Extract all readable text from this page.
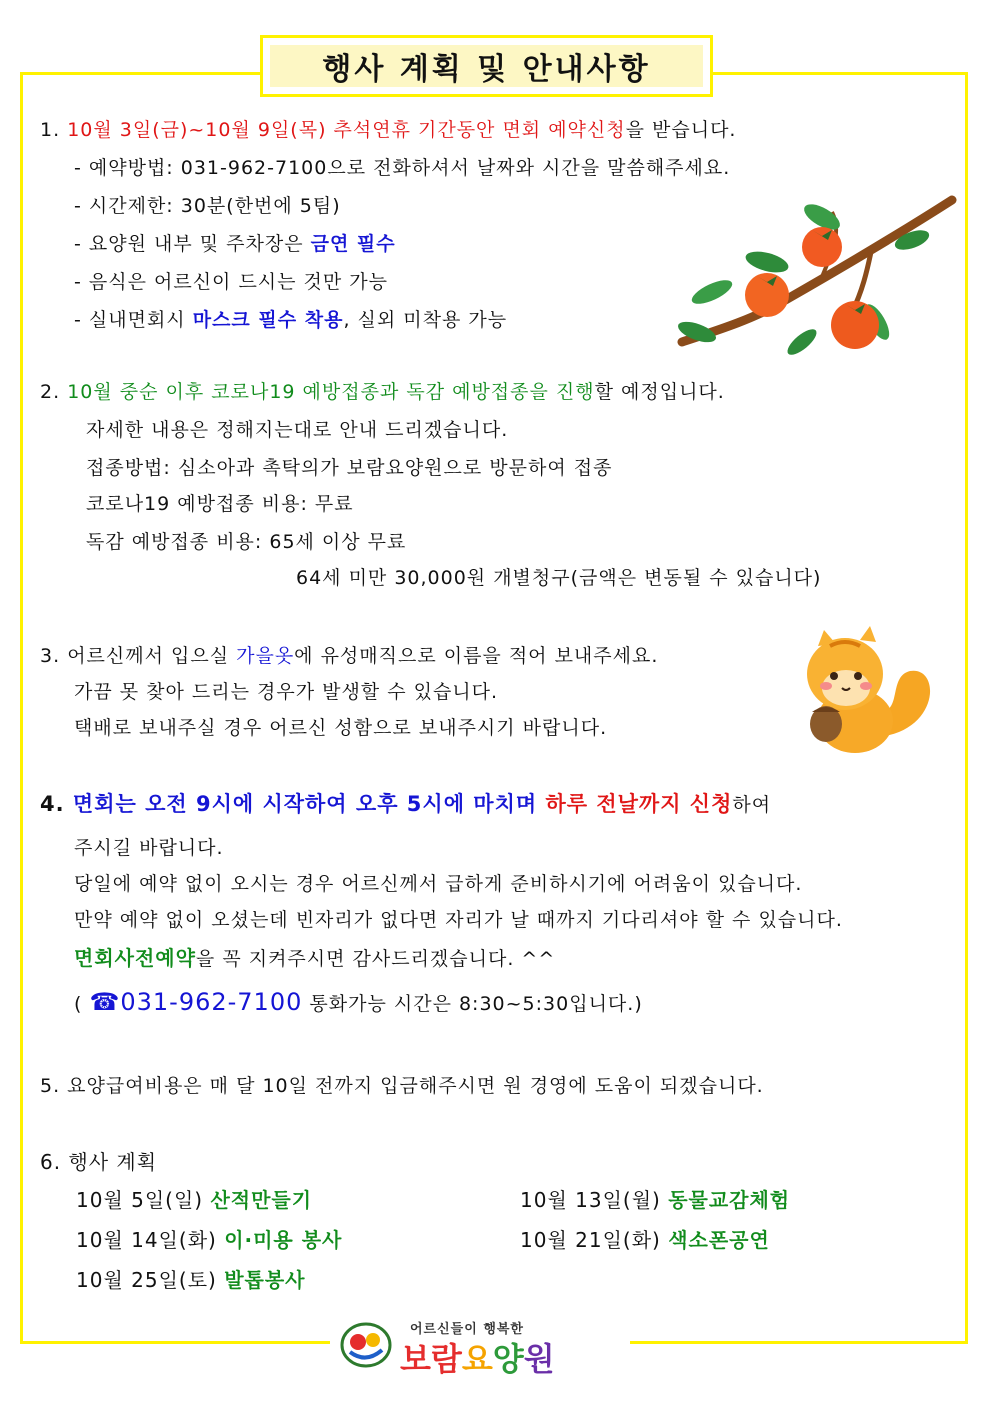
행사 계획 및 안내사항
1. 10월 3일(금)~10월 9일(목) 추석연휴 기간동안 면회 예약신청을 받습니다.
- 예약방법: 031-962-7100으로 전화하셔서 날짜와 시간을 말씀해주세요.
- 시간제한: 30분(한번에 5팀)
- 요양원 내부 및 주차장은 금연 필수
- 음식은 어르신이 드시는 것만 가능
- 실내면회시 마스크 필수 착용, 실외 미착용 가능
2. 10월 중순 이후 코로나19 예방접종과 독감 예방접종을 진행할 예정입니다.
자세한 내용은 정해지는대로 안내 드리겠습니다.
접종방법: 심소아과 촉탁의가 보람요양원으로 방문하여 접종
코로나19 예방접종 비용: 무료
독감 예방접종 비용: 65세 이상 무료
64세 미만 30,000원 개별청구(금액은 변동될 수 있습니다)
3. 어르신께서 입으실 가을옷에 유성매직으로 이름을 적어 보내주세요.
가끔 못 찾아 드리는 경우가 발생할 수 있습니다.
택배로 보내주실 경우 어르신 성함으로 보내주시기 바랍니다.
4. 면회는 오전 9시에 시작하여 오후 5시에 마치며 하루 전날까지 신청하여
주시길 바랍니다.
당일에 예약 없이 오시는 경우 어르신께서 급하게 준비하시기에 어려움이 있습니다.
만약 예약 없이 오셨는데 빈자리가 없다면 자리가 날 때까지 기다리셔야 할 수 있습니다.
면회사전예약을 꼭 지켜주시면 감사드리겠습니다. ^^
( ☎031-962-7100 통화가능 시간은 8:30~5:30입니다.)
5. 요양급여비용은 매 달 10일 전까지 입금해주시면 원 경영에 도움이 되겠습니다.
6. 행사 계획
10월 5일(일) 산적만들기	10월 13일(월) 동물교감체험
10월 14일(화) 이·미용 봉사	10월 21일(화) 색소폰공연
10월 25일(토) 발톱봉사
어르신들이 행복한
보람요양원
